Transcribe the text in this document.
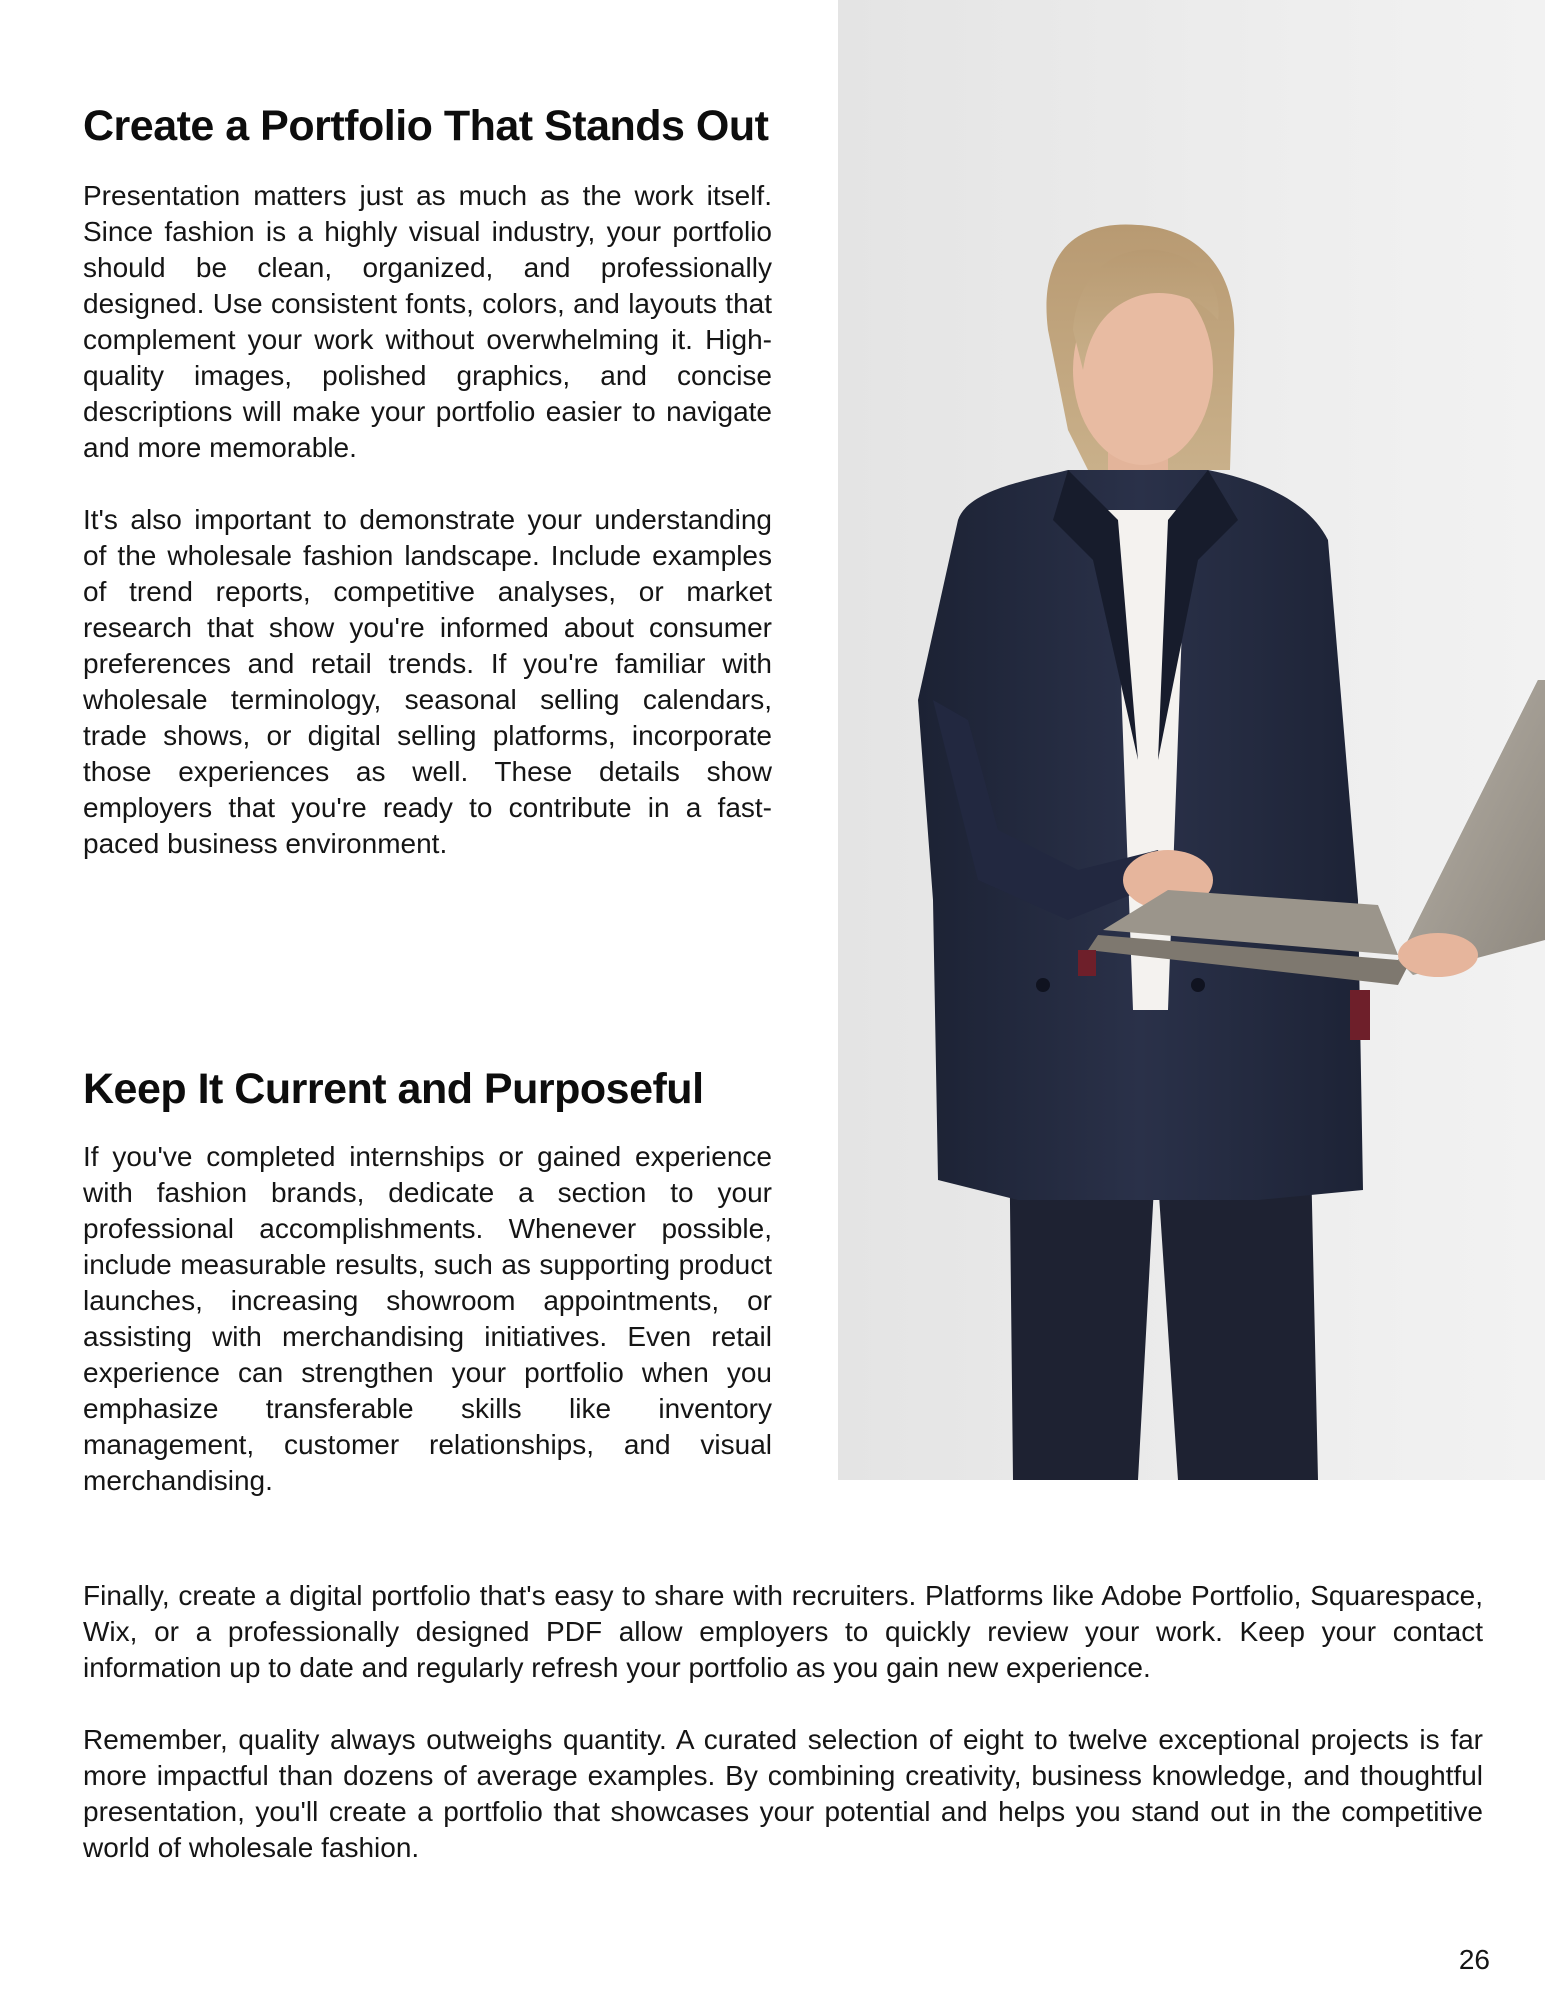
Create a Portfolio That Stands Out

Presentation matters just as much as the work itself. Since fashion is a highly visual industry, your portfolio should be clean, organized, and professionally designed. Use consistent fonts, colors, and layouts that complement your work without overwhelming it. High-quality images, polished graphics, and concise descriptions will make your portfolio easier to navigate and more memorable.

It's also important to demonstrate your understanding of the wholesale fashion landscape. Include examples of trend reports, competitive analyses, or market research that show you're informed about consumer preferences and retail trends. If you're familiar with wholesale terminology, seasonal selling calendars, trade shows, or digital selling platforms, incorporate those experiences as well. These details show employers that you're ready to contribute in a fast-paced business environment.

Keep It Current and Purposeful

If you've completed internships or gained experience with fashion brands, dedicate a section to your professional accomplishments. Whenever possible, include measurable results, such as supporting product launches, increasing showroom appointments, or assisting with merchandising initiatives. Even retail experience can strengthen your portfolio when you emphasize transferable skills like inventory management, customer relationships, and visual merchandising.

Finally, create a digital portfolio that's easy to share with recruiters. Platforms like Adobe Portfolio, Squarespace, Wix, or a professionally designed PDF allow employers to quickly review your work. Keep your contact information up to date and regularly refresh your portfolio as you gain new experience.

Remember, quality always outweighs quantity. A curated selection of eight to twelve exceptional projects is far more impactful than dozens of average examples. By combining creativity, business knowledge, and thoughtful presentation, you'll create a portfolio that showcases your potential and helps you stand out in the competitive world of wholesale fashion.

26
